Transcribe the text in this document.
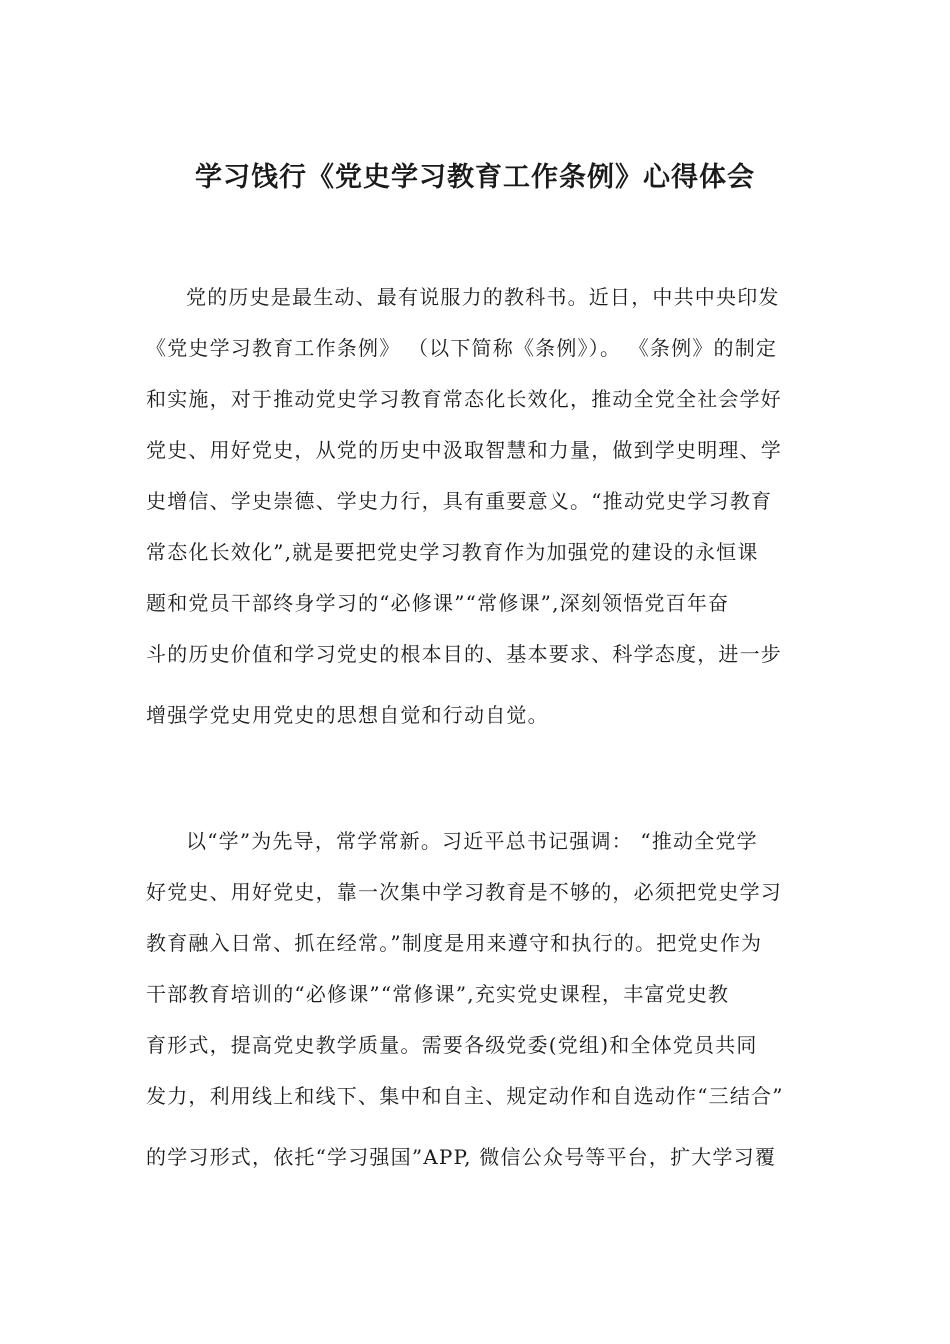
学习饯行《党史学习教育工作条例》心得体会
党的历史是最生动、最有说服力的教科书。近日，中共中央印发
《党史学习教育工作条例》 （以下简称《条例》）。 《条例》的制定
和实施，对于推动党史学习教育常态化长效化，推动全党全社会学好
党史、用好党史，从党的历史中汲取智慧和力量，做到学史明理、学
史增信、学史崇德、学史力行，具有重要意义。“推动党史学习教育
常态化长效化”,就是要把党史学习教育作为加强党的建设的永恒课
题和党员干部终身学习的“必修课”“常修课”,深刻领悟党百年奋
斗的历史价值和学习党史的根本目的、基本要求、科学态度，进一步
增强学党史用党史的思想自觉和行动自觉。
以“学”为先导，常学常新。习近平总书记强调： “推动全党学
好党史、用好党史，靠一次集中学习教育是不够的，必须把党史学习
教育融入日常、抓在经常。”制度是用来遵守和执行的。把党史作为
干部教育培训的“必修课”“常修课”,充实党史课程，丰富党史教
育形式，提高党史教学质量。需要各级党委(党组)和全体党员共同
发力，利用线上和线下、集中和自主、规定动作和自选动作“三结合”
的学习形式，依托“学习强国”APP, 微信公众号等平台，扩大学习覆
